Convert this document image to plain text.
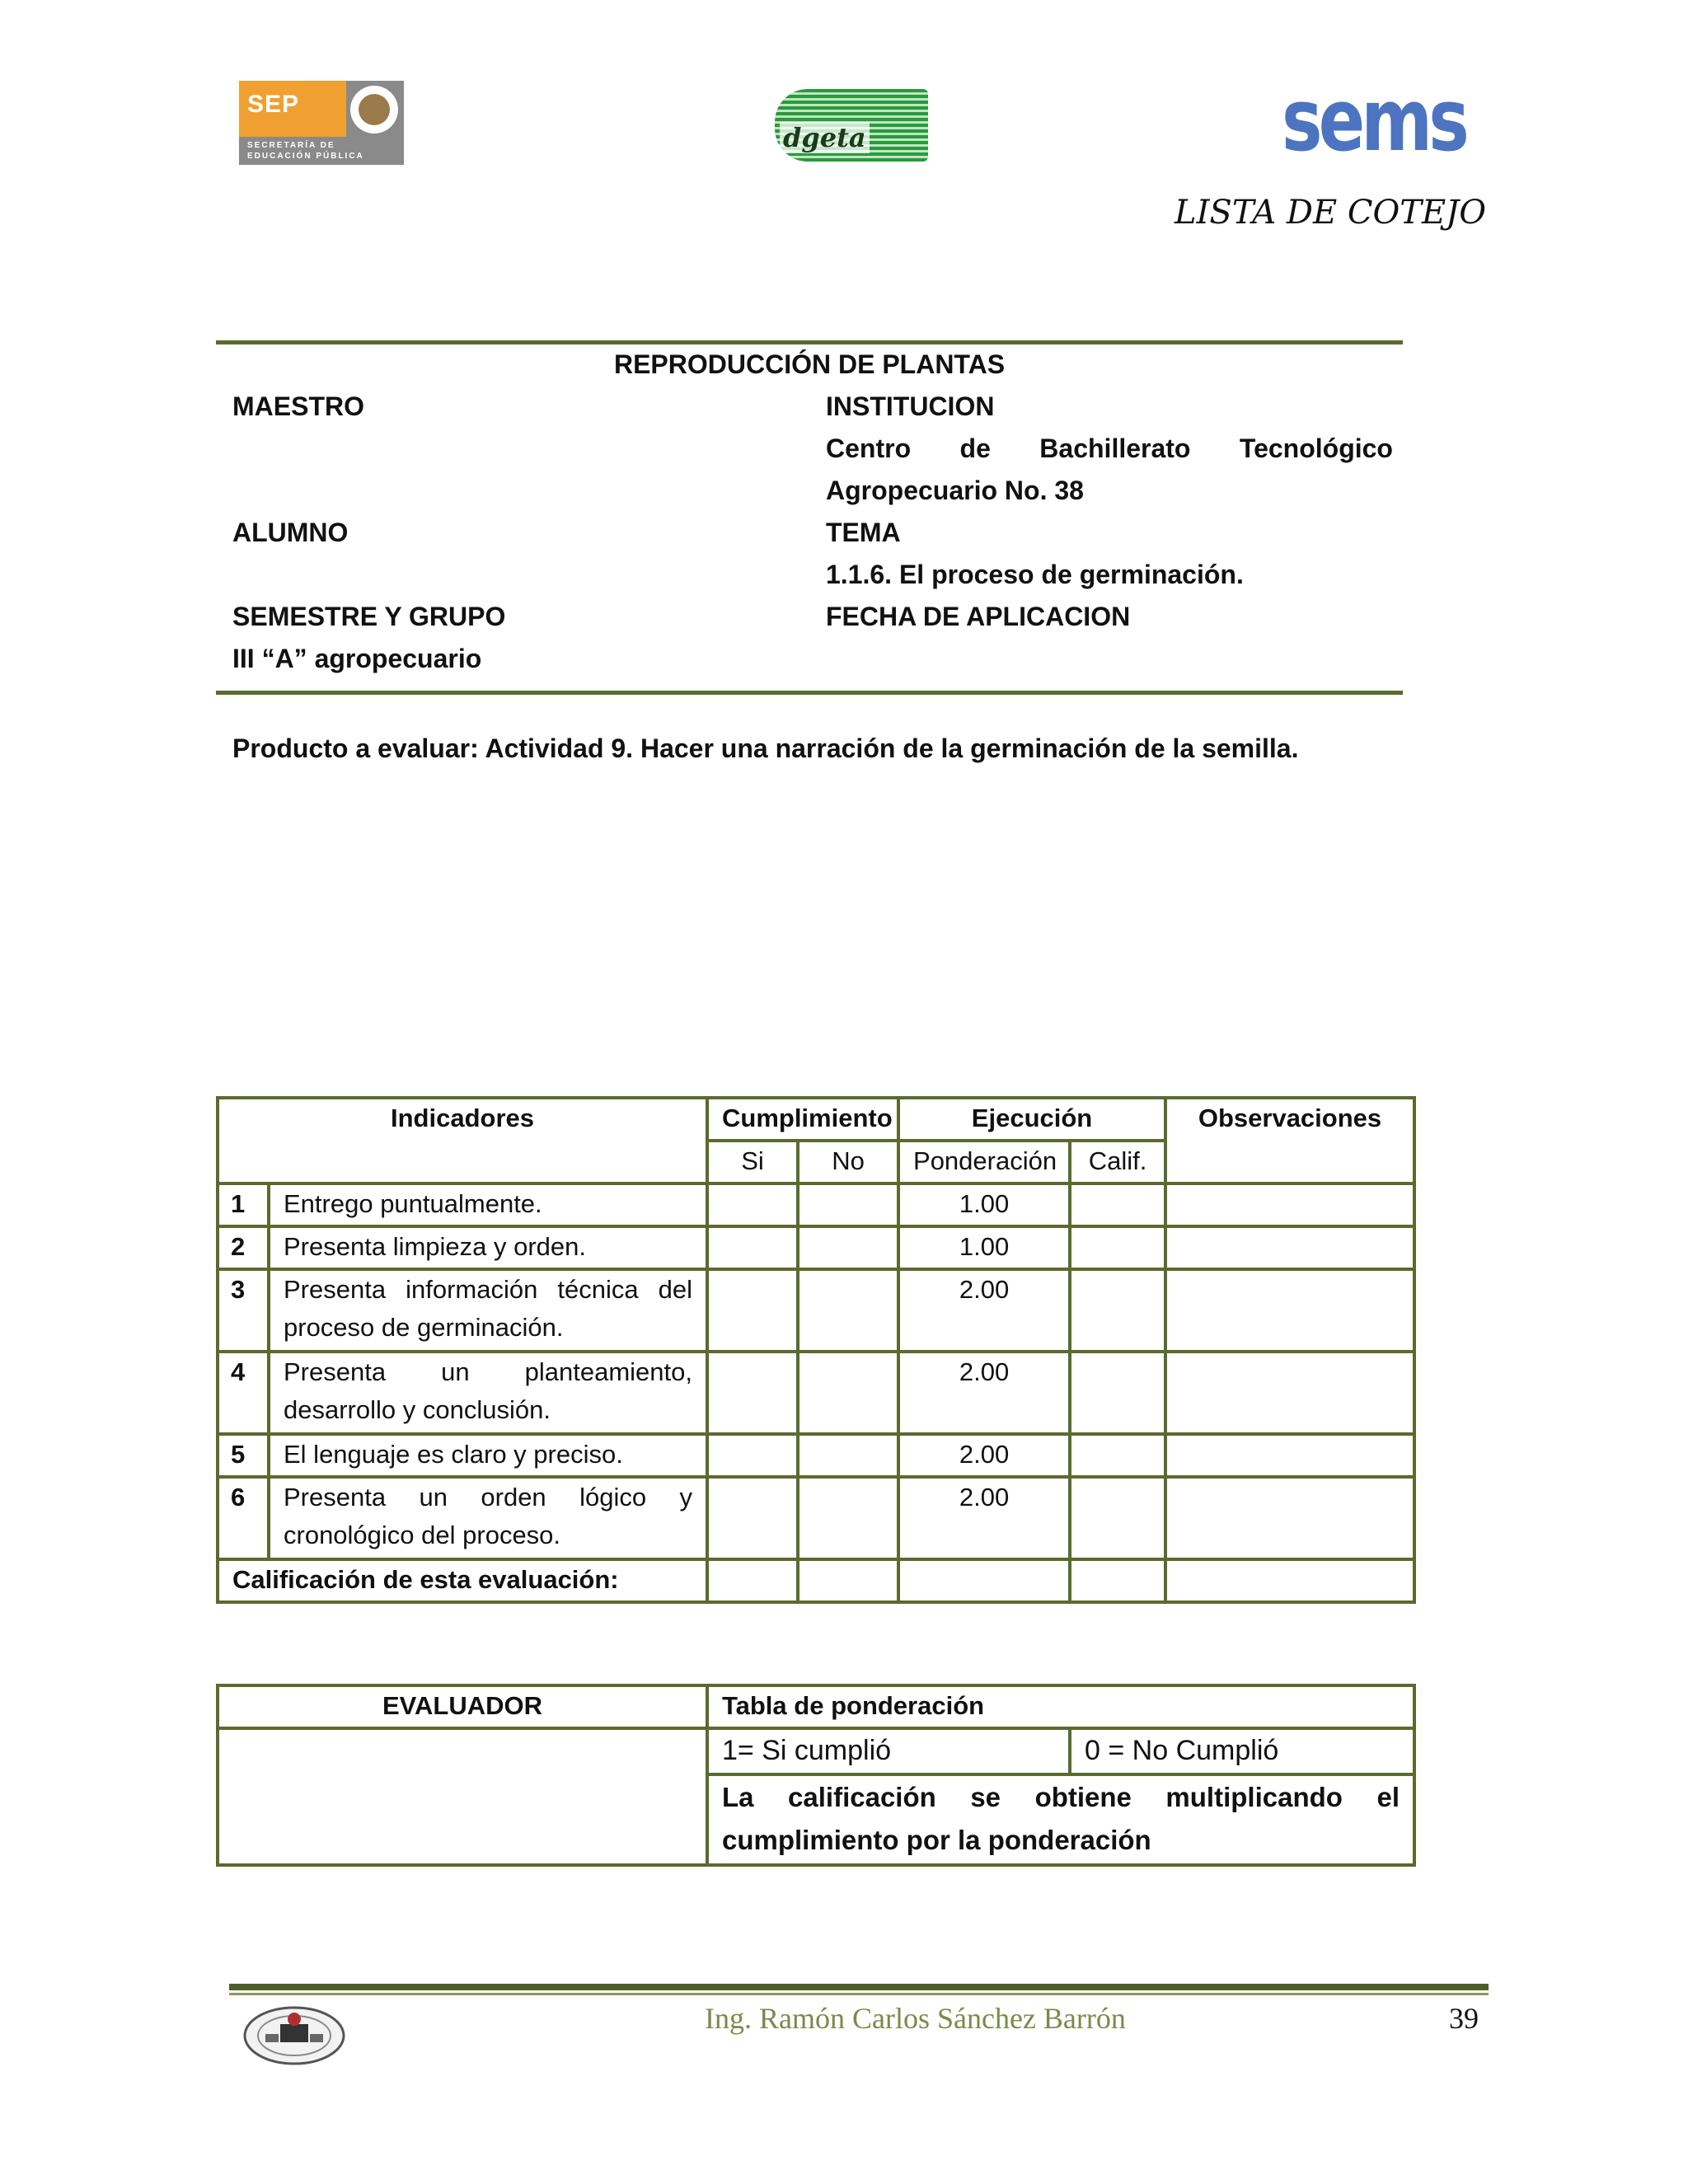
SEP
SECRETARÍA DE EDUCACIÓN PÚBLICA
dgeta	sems
LISTA DE COTEJO
REPRODUCCIÓN DE PLANTAS
MAESTRO	INSTITUCION
Centro de Bachillerato Tecnológico
Agropecuario No. 38
ALUMNO	TEMA
1.1.6. El proceso de germinación.
SEMESTRE Y GRUPO	FECHA DE APLICACION
III “A” agropecuario
Producto a evaluar: Actividad 9. Hacer una narración de la germinación de la semilla.
Indicadores		Cumplimiento		Ejecución		Observaciones
		Si	No	Ponderación	Calif.	
1	Entrego puntualmente.			1.00		
2	Presenta limpieza y orden.			1.00		
3	Presenta información técnica del proceso de germinación.			2.00		
4	Presenta un planteamiento, desarrollo y conclusión.			2.00		
5	El lenguaje es claro y preciso.			2.00		
6	Presenta un orden lógico y cronológico del proceso.			2.00		
Calificación de esta evaluación:						
EVALUADOR	Tabla de ponderación	
	1= Si cumplió	0 = No Cumplió
	La calificación se obtiene multiplicando el cumplimiento por la ponderación	
Ing. Ramón Carlos Sánchez Barrón	39
